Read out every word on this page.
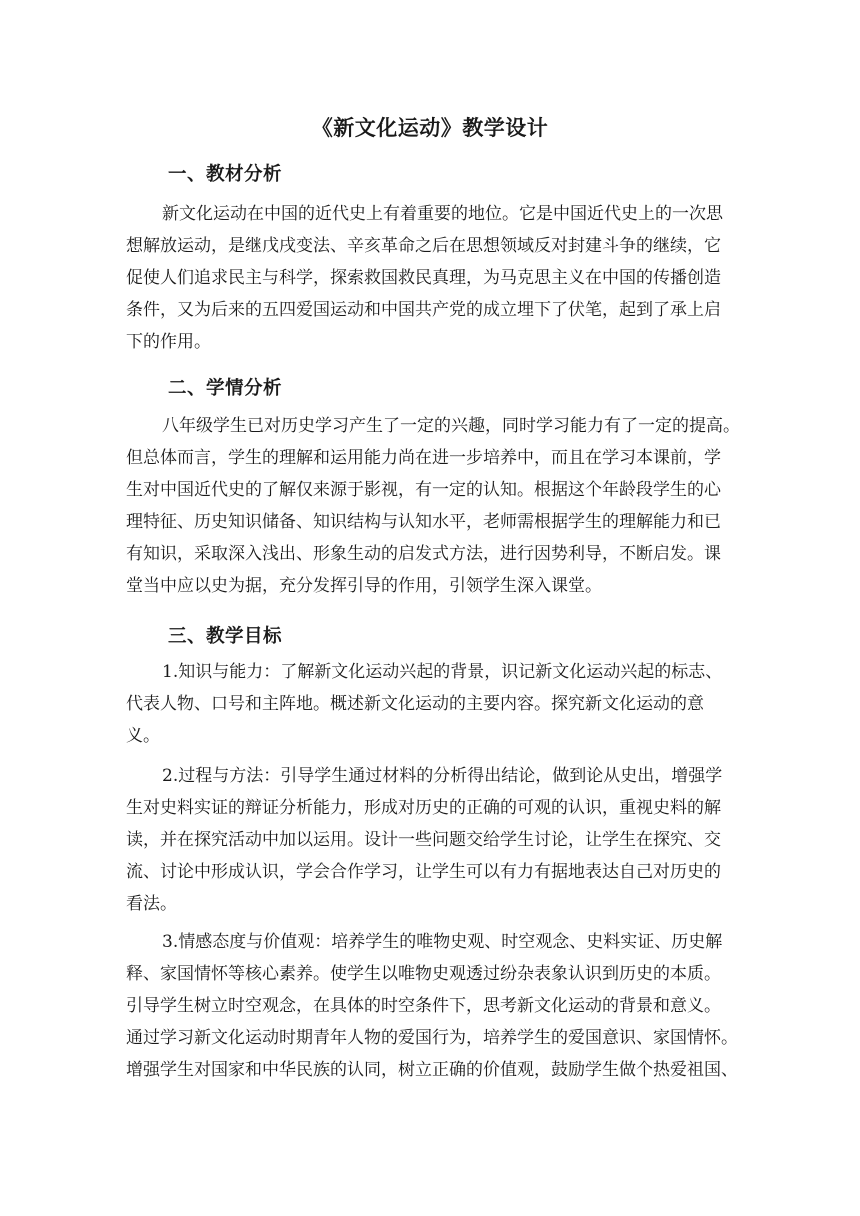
《新文化运动》教学设计
一、教材分析
新文化运动在中国的近代史上有着重要的地位。它是中国近代史上的一次思
想解放运动，是继戊戌变法、辛亥革命之后在思想领域反对封建斗争的继续，它
促使人们追求民主与科学，探索救国救民真理，为马克思主义在中国的传播创造
条件，又为后来的五四爱国运动和中国共产党的成立埋下了伏笔，起到了承上启
下的作用。
二、学情分析
八年级学生已对历史学习产生了一定的兴趣，同时学习能力有了一定的提高。
但总体而言，学生的理解和运用能力尚在进一步培养中，而且在学习本课前，学
生对中国近代史的了解仅来源于影视，有一定的认知。根据这个年龄段学生的心
理特征、历史知识储备、知识结构与认知水平，老师需根据学生的理解能力和已
有知识，采取深入浅出、形象生动的启发式方法，进行因势利导，不断启发。课
堂当中应以史为据，充分发挥引导的作用，引领学生深入课堂。
三、教学目标
1.知识与能力：了解新文化运动兴起的背景，识记新文化运动兴起的标志、
代表人物、口号和主阵地。概述新文化运动的主要内容。探究新文化运动的意
义。
2.过程与方法：引导学生通过材料的分析得出结论，做到论从史出，增强学
生对史料实证的辩证分析能力，形成对历史的正确的可观的认识，重视史料的解
读，并在探究活动中加以运用。设计一些问题交给学生讨论，让学生在探究、交
流、讨论中形成认识，学会合作学习，让学生可以有力有据地表达自己对历史的
看法。
3.情感态度与价值观：培养学生的唯物史观、时空观念、史料实证、历史解
释、家国情怀等核心素养。使学生以唯物史观透过纷杂表象认识到历史的本质。
引导学生树立时空观念，在具体的时空条件下，思考新文化运动的背景和意义。
通过学习新文化运动时期青年人物的爱国行为，培养学生的爱国意识、家国情怀。
增强学生对国家和中华民族的认同，树立正确的价值观，鼓励学生做个热爱祖国、
